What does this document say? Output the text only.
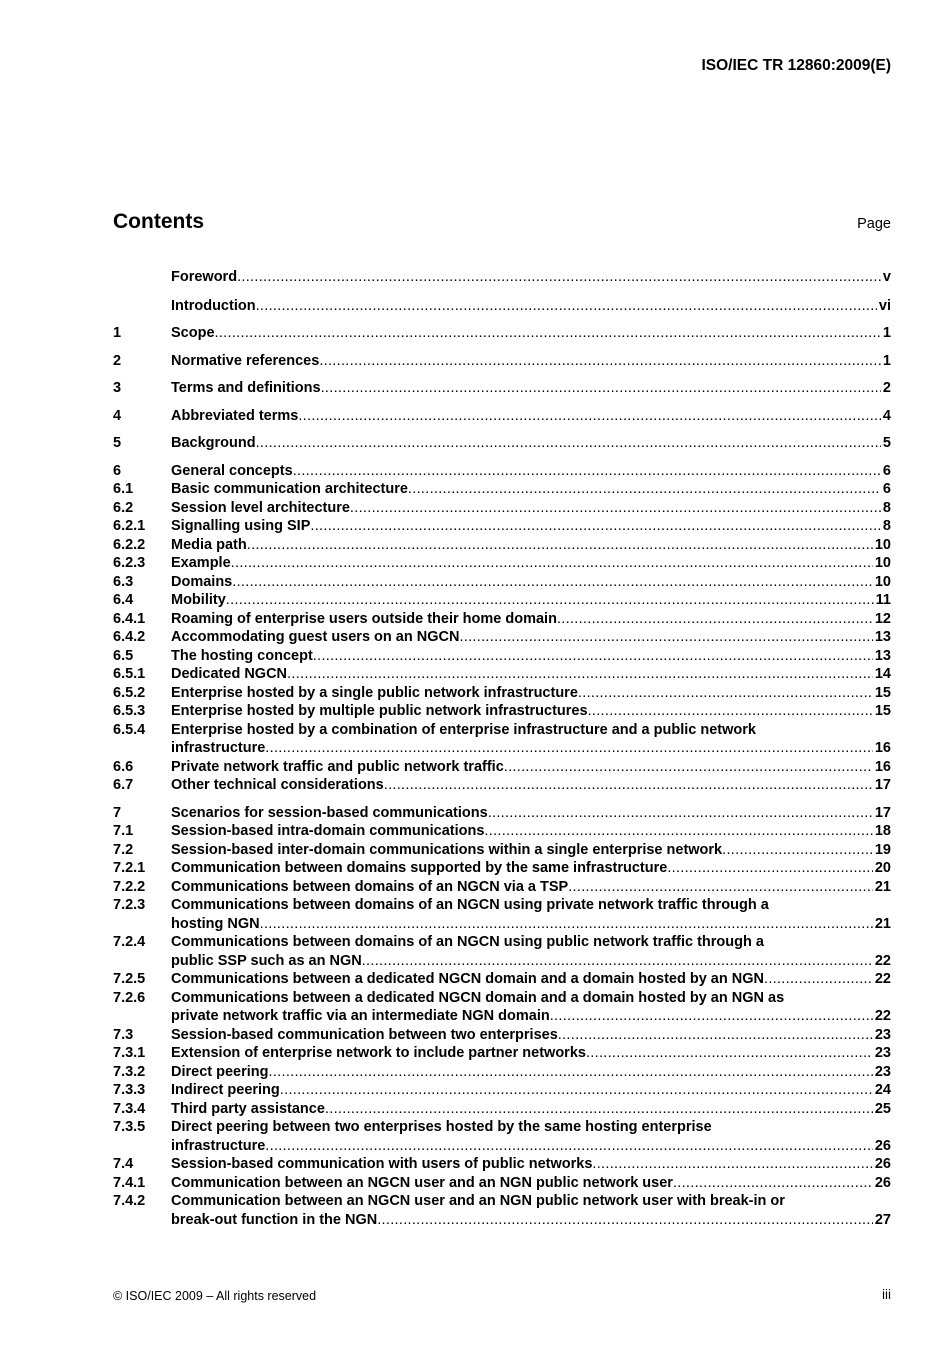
ISO/IEC TR 12860:2009(E)
Contents	Page
Foreword .....	v
Introduction .....	vi
1	Scope .....	1
2	Normative references .....	1
3	Terms and definitions .....	2
4	Abbreviated terms .....	4
5	Background .....	5
6	General concepts .....	6
6.1	Basic communication architecture .....	6
6.2	Session level architecture .....	8
6.2.1	Signalling using SIP .....	8
6.2.2	Media path .....	10
6.2.3	Example .....	10
6.3	Domains .....	10
6.4	Mobility .....	11
6.4.1	Roaming of enterprise users outside their home domain .....	12
6.4.2	Accommodating guest users on an NGCN .....	13
6.5	The hosting concept .....	13
6.5.1	Dedicated NGCN .....	14
6.5.2	Enterprise hosted by a single public network infrastructure .....	15
6.5.3	Enterprise hosted by multiple public network infrastructures .....	15
6.5.4	Enterprise hosted by a combination of enterprise infrastructure and a public network
infrastructure .....	16
6.6	Private network traffic and public network traffic .....	16
6.7	Other technical considerations .....	17
7	Scenarios for session-based communications .....	17
7.1	Session-based intra-domain communications .....	18
7.2	Session-based inter-domain communications within a single enterprise network .....	19
7.2.1	Communication between domains supported by the same infrastructure .....	20
7.2.2	Communications between domains of an NGCN via a TSP .....	21
7.2.3	Communications between domains of an NGCN using private network traffic through a
hosting NGN .....	21
7.2.4	Communications between domains of an NGCN using public network traffic through a
public SSP such as an NGN .....	22
7.2.5	Communications between a dedicated NGCN domain and a domain hosted by an NGN .....	22
7.2.6	Communications between a dedicated NGCN domain and a domain hosted by an NGN as
private network traffic via an intermediate NGN domain .....	22
7.3	Session-based communication between two enterprises .....	23
7.3.1	Extension of enterprise network to include partner networks .....	23
7.3.2	Direct peering .....	23
7.3.3	Indirect peering .....	24
7.3.4	Third party assistance .....	25
7.3.5	Direct peering between two enterprises hosted by the same hosting enterprise
infrastructure .....	26
7.4	Session-based communication with users of public networks .....	26
7.4.1	Communication between an NGCN user and an NGN public network user .....	26
7.4.2	Communication between an NGCN user and an NGN public network user with break-in or
break-out function in the NGN .....	27
© ISO/IEC 2009 – All rights reserved	iii
